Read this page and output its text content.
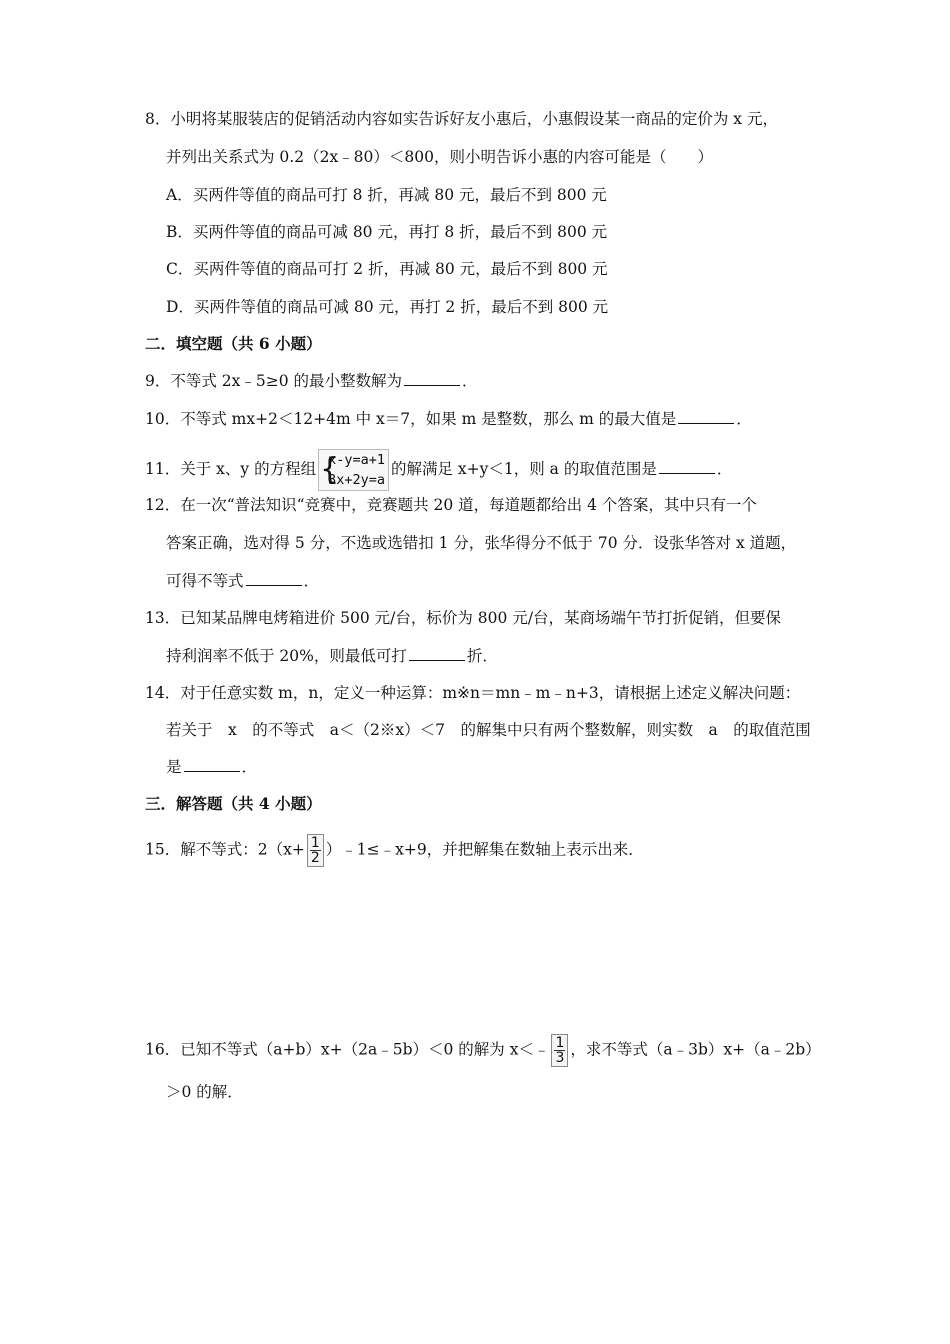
8．小明将某服装店的促销活动内容如实告诉好友小惠后，小惠假设某一商品的定价为 x 元，
并列出关系式为 0.2（2x﹣80）＜800，则小明告诉小惠的内容可能是（　　）
A．买两件等值的商品可打 8 折，再减 80 元，最后不到 800 元
B．买两件等值的商品可减 80 元，再打 8 折，最后不到 800 元
C．买两件等值的商品可打 2 折，再减 80 元，最后不到 800 元
D．买两件等值的商品可减 80 元，再打 2 折，最后不到 800 元
二．填空题（共 6 小题）
9．不等式 2x﹣5≥0 的最小整数解为	．
10．不等式 mx+2＜12+4m 中 x＝7，如果 m 是整数，那么 m 的最大值是	．
11．关于 x、y 的方程组 {
x-y=a+1
3x+2y=a
的解满足 x+y＜1，则 a 的取值范围是	．
12．在一次“普法知识“竞赛中，竞赛题共 20 道，每道题都给出 4 个答案，其中只有一个
答案正确，选对得 5 分，不选或选错扣 1 分，张华得分不低于 70 分．设张华答对 x 道题，
可得不等式	．
13．已知某品牌电烤箱进价 500 元/台，标价为 800 元/台，某商场端午节打折促销，但要保
持利润率不低于 20%，则最低可打	折．
14．对于任意实数 m，n，定义一种运算：m※n＝mn﹣m﹣n+3，请根据上述定义解决问题：
若关于　x　的不等式　a＜（2※x）＜7　的解集中只有两个整数解，则实数　a　的取值范围
是	．
三．解答题（共 4 小题）
15．解不等式：$2(x+ \frac{1}{2}$ ）﹣1≤﹣x+9，并把解集在数轴上表示出来．
16．已知不等式（a+b）x+（2a﹣5b）＜0 的解为 x＜﹣ $\frac{1}{3}$ ，求不等式（a﹣3b）x+（a﹣2b）
＞0 的解．
